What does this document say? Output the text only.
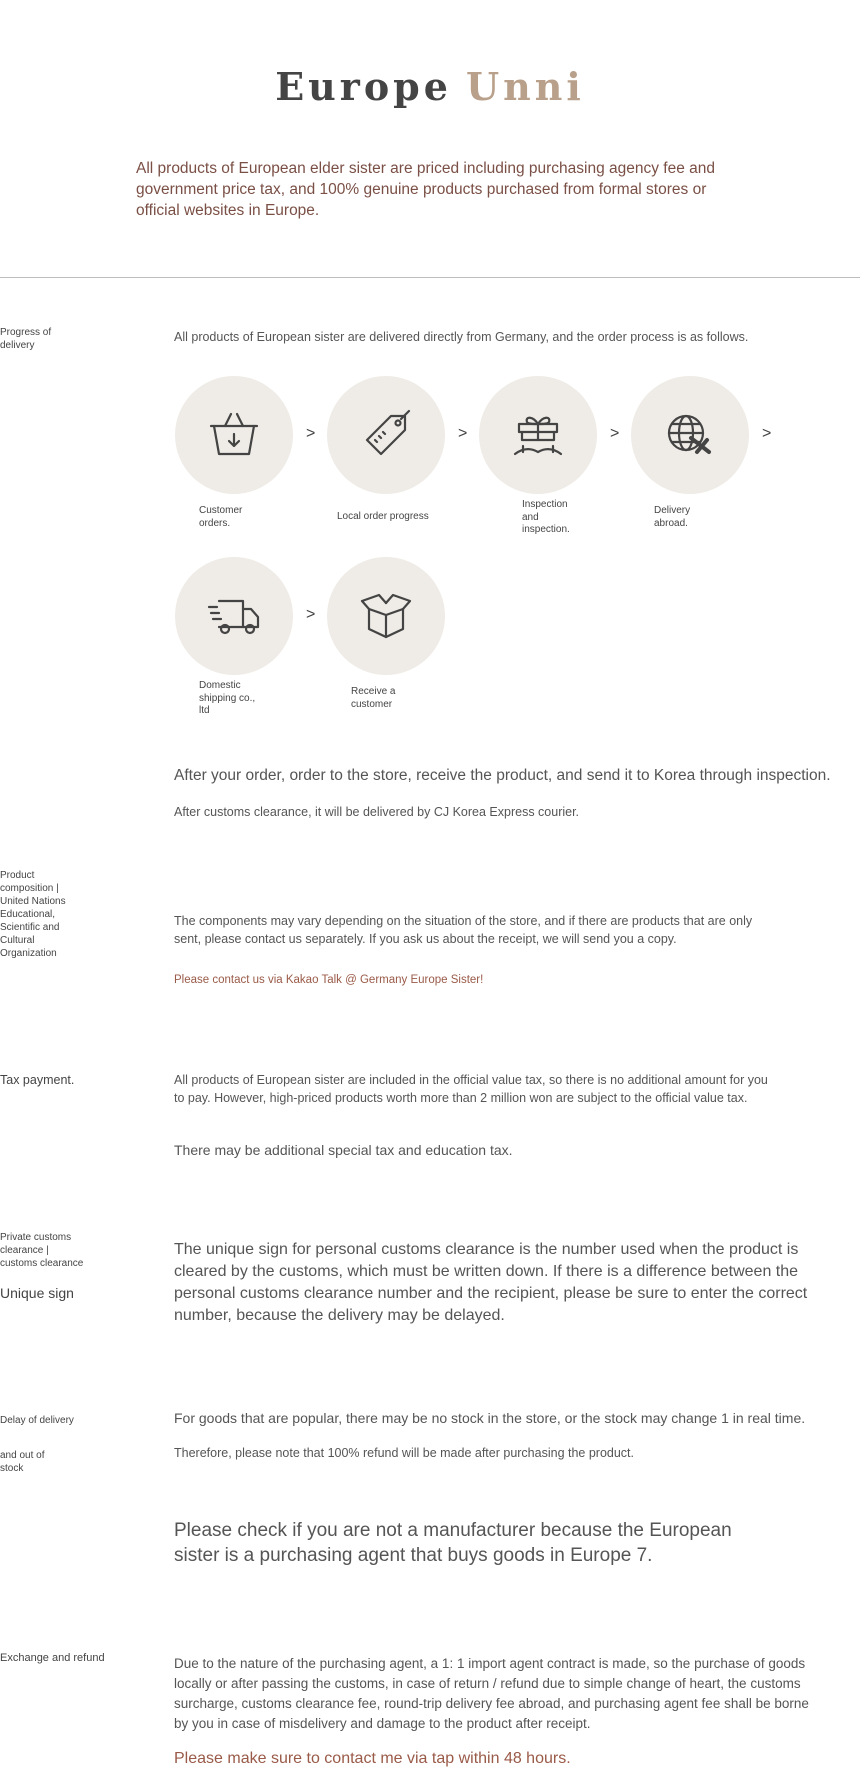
Europe Unni
All products of European elder sister are priced including purchasing agency fee and government price tax, and 100% genuine products purchased from formal stores or official websites in Europe.
Progress of delivery
All products of European sister are delivered directly from Germany, and the order process is as follows.
>	>	>	>
Customer orders.
Local order progress
Inspection and inspection.
Delivery abroad.
>
Domestic shipping co., ltd
Receive a customer
After your order, order to the store, receive the product, and send it to Korea through inspection.
After customs clearance, it will be delivered by CJ Korea Express courier.
Product composition | United Nations Educational, Scientific and Cultural Organization
The components may vary depending on the situation of the store, and if there are products that are only sent, please contact us separately. If you ask us about the receipt, we will send you a copy.
Please contact us via Kakao Talk @ Germany Europe Sister!
Tax payment.	All products of European sister are included in the official value tax, so there is no additional amount for you to pay. However, high-priced products worth more than 2 million won are subject to the official value tax.
There may be additional special tax and education tax.
Private customs clearance | customs clearance
Unique sign
The unique sign for personal customs clearance is the number used when the product is cleared by the customs, which must be written down. If there is a difference between the personal customs clearance number and the recipient, please be sure to enter the correct number, because the delivery may be delayed.
Delay of delivery
and out of stock
For goods that are popular, there may be no stock in the store, or the stock may change 1 in real time.
Therefore, please note that 100% refund will be made after purchasing the product.
Please check if you are not a manufacturer because the European sister is a purchasing agent that buys goods in Europe 7.
Exchange and refund	Due to the nature of the purchasing agent, a 1: 1 import agent contract is made, so the purchase of goods locally or after passing the customs, in case of return / refund due to simple change of heart, the customs surcharge, customs clearance fee, round-trip delivery fee abroad, and purchasing agent fee shall be borne by you in case of misdelivery and damage to the product after receipt.
Please make sure to contact me via tap within 48 hours.
